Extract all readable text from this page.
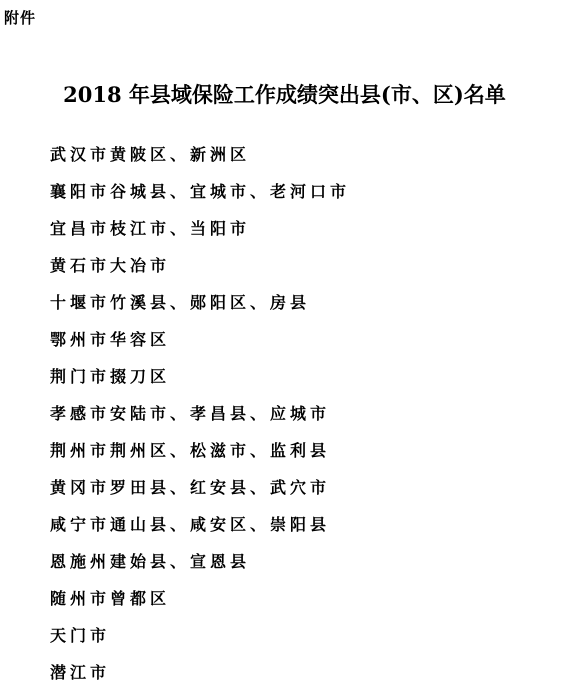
附件
2018 年县域保险工作成绩突出县(市、区)名单
武汉市黄陂区、新洲区
襄阳市谷城县、宜城市、老河口市
宜昌市枝江市、当阳市
黄石市大冶市
十堰市竹溪县、郧阳区、房县
鄂州市华容区
荆门市掇刀区
孝感市安陆市、孝昌县、应城市
荆州市荆州区、松滋市、监利县
黄冈市罗田县、红安县、武穴市
咸宁市通山县、咸安区、崇阳县
恩施州建始县、宣恩县
随州市曾都区
天门市
潜江市
